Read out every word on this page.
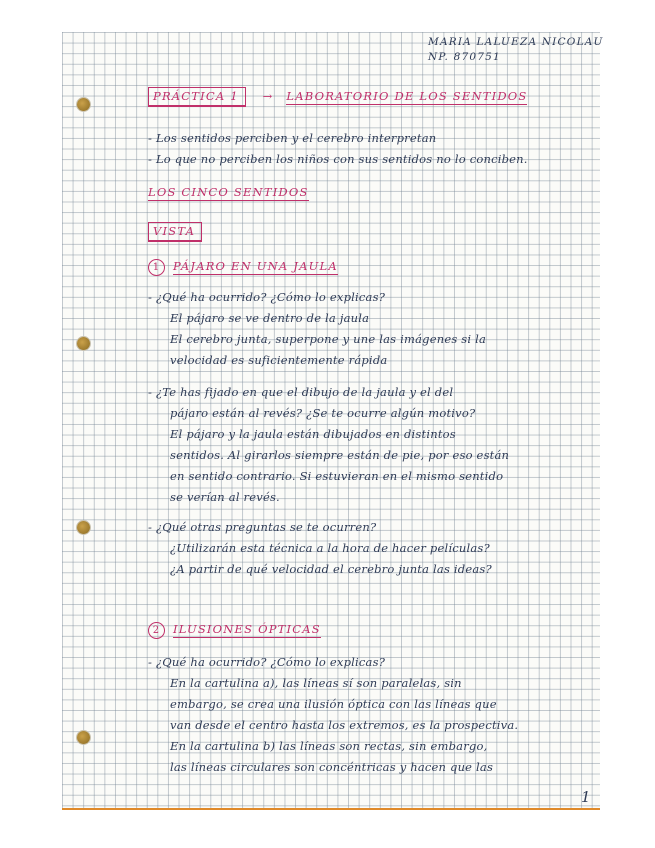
MARIA LALUEZA NICOLAU
NP. 870751
PRÁCTICA 1 → LABORATORIO DE LOS SENTIDOS
- Los sentidos perciben y el cerebro interpretan
- Lo que no perciben los niños con sus sentidos no lo conciben.
LOS CINCO SENTIDOS
VISTA
1 PÁJARO EN UNA JAULA
- ¿Qué ha ocurrido? ¿Cómo lo explicas?
El pájaro se ve dentro de la jaula
El cerebro junta, superpone y une las imágenes si la
velocidad es suficientemente rápida
- ¿Te has fijado en que el dibujo de la jaula y el del
pájaro están al revés? ¿Se te ocurre algún motivo?
El pájaro y la jaula están dibujados en distintos
sentidos. Al girarlos siempre están de pie, por eso están
en sentido contrario. Si estuvieran en el mismo sentido
se verían al revés.
- ¿Qué otras preguntas se te ocurren?
¿Utilizarán esta técnica a la hora de hacer películas?
¿A partir de qué velocidad el cerebro junta las ideas?
2 ILUSIONES ÓPTICAS
- ¿Qué ha ocurrido? ¿Cómo lo explicas?
En la cartulina a), las líneas sí son paralelas, sin
embargo, se crea una ilusión óptica con las líneas que
van desde el centro hasta los extremos, es la prospectiva.
En la cartulina b) las líneas son rectas, sin embargo,
las líneas circulares son concéntricas y hacen que las
1
